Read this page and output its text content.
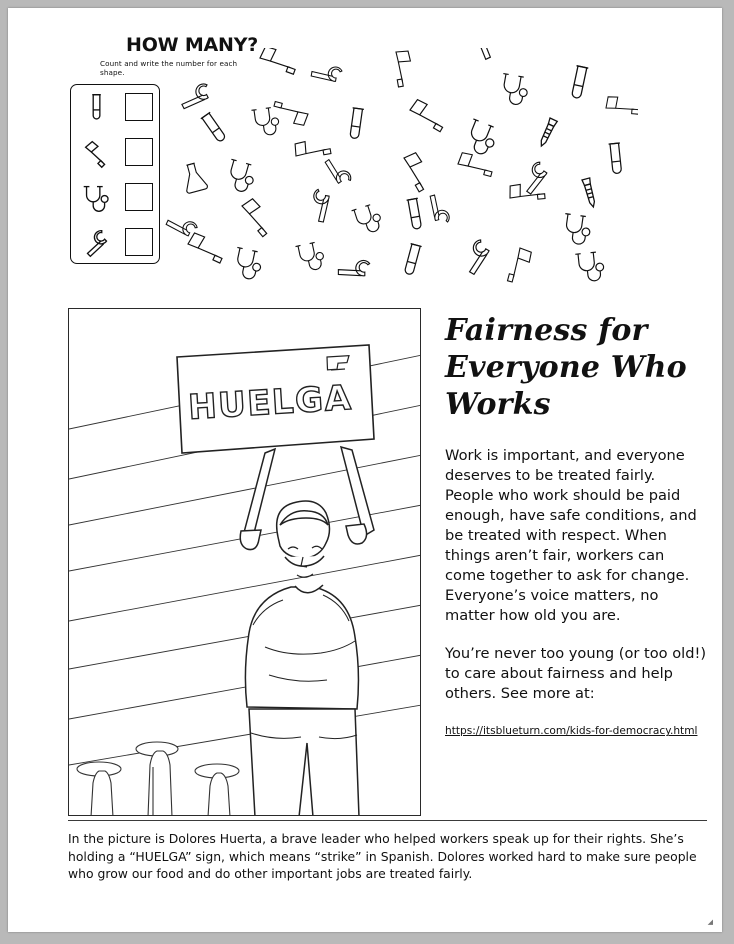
HOW MANY?
Count and write the number for each shape.
HUELGA
Fairness for Everyone Who Works

Work is important, and everyone deserves to be treated fairly. People who work should be paid enough, have safe conditions, and be treated with respect. When things aren’t fair, workers can come together to ask for change. Everyone’s voice matters, no matter how old you are.

You’re never too young (or too old!) to care about fairness and help others. See more at:

https://itsblueturn.com/kids-for-democracy.html
In the picture is Dolores Huerta, a brave leader who helped workers speak up for their rights. She’s holding a “HUELGA” sign, which means “strike” in Spanish. Dolores worked hard to make sure people who grow our food and do other important jobs are treated fairly.
◢
